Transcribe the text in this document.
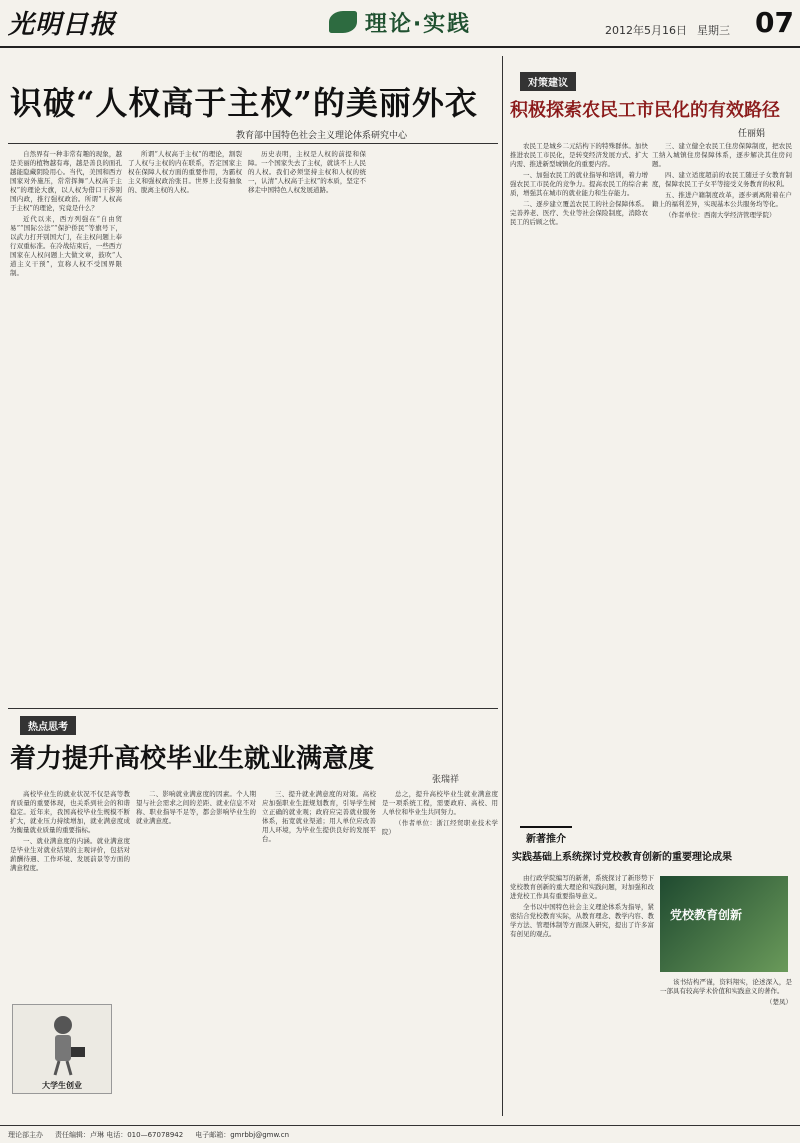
光明日报	理论·实践	2012年5月16日 星期三 07
识破“人权高于主权”的美丽外衣
教育部中国特色社会主义理论体系研究中心

自然界有一种非常有趣的现象，越是美丽的植物越有毒，越是善良的面孔越能隐藏阴险用心。当代，美国和西方国家对外施压，常常挥舞“人权高于主权”的理论大旗，以人权为借口干涉别国内政，推行强权政治。所谓“人权高于主权”的理论，究竟是什么？

近代以来，西方列强在“自由贸易”“国际公法”“保护侨民”等旗号下，以武力打开别国大门，在主权问题上奉行双重标准。在冷战结束后，一些西方国家在人权问题上大做文章，鼓吹“人道主义干预”，宣称人权不受国界限制。

所谓“人权高于主权”的理论，割裂了人权与主权的内在联系，否定国家主权在保障人权方面的重要作用，为霸权主义和强权政治张目。世界上没有抽象的、脱离主权的人权。

历史表明，主权是人权的前提和保障。一个国家失去了主权，就谈不上人民的人权。我们必须坚持主权和人权的统一，认清“人权高于主权”的本质，坚定不移走中国特色人权发展道路。

对策建议
积极探索农民工市民化的有效路径
任丽娟

农民工是城乡二元结构下的特殊群体。加快推进农民工市民化，是转变经济发展方式、扩大内需、推进新型城镇化的重要内容。

一、加强农民工的就业指导和培训，着力增强农民工市民化的竞争力。提高农民工的综合素质，增强其在城市的就业能力和生存能力。

二、逐步建立覆盖农民工的社会保障体系。完善养老、医疗、失业等社会保险制度，消除农民工的后顾之忧。

三、建立健全农民工住房保障制度，把农民工纳入城镇住房保障体系，逐步解决其住房问题。

四、建立适度超前的农民工随迁子女教育制度，保障农民工子女平等接受义务教育的权利。

五、推进户籍制度改革，逐步剥离附着在户籍上的福利差异，实现基本公共服务均等化。

（作者单位：西南大学经济管理学院）

热点思考
着力提升高校毕业生就业满意度
张瑞祥

高校毕业生的就业状况不仅是高等教育质量的重要体现，也关系到社会的和谐稳定。近年来，我国高校毕业生规模不断扩大，就业压力持续增加，就业满意度成为衡量就业质量的重要指标。

一、就业满意度的内涵。就业满意度是毕业生对就业结果的主观评价，包括对薪酬待遇、工作环境、发展前景等方面的满意程度。

二、影响就业满意度的因素。个人期望与社会需求之间的差距、就业信息不对称、职业指导不足等，都会影响毕业生的就业满意度。

三、提升就业满意度的对策。高校应加强职业生涯规划教育，引导学生树立正确的就业观；政府应完善就业服务体系，拓宽就业渠道；用人单位应改善用人环境，为毕业生提供良好的发展平台。

总之，提升高校毕业生就业满意度是一项系统工程，需要政府、高校、用人单位和毕业生共同努力。

（作者单位：浙江经贸职业技术学院）

大学生创业
新著推介
实践基础上系统探讨党校教育创新的重要理论成果

由行政学院编写的新著，系统探讨了新形势下党校教育创新的重大理论和实践问题，对加强和改进党校工作具有重要指导意义。

全书以中国特色社会主义理论体系为指导，紧密结合党校教育实际，从教育理念、教学内容、教学方法、管理体制等方面深入研究，提出了许多富有创见的观点。

党校教育创新

该书结构严谨，资料翔实，论述深入，是一部具有较高学术价值和实践意义的著作。

（楚凤）

理论部主办 责任编辑：卢琳 电话：010—67078942 电子邮箱：gmrbbj@gmw.cn
